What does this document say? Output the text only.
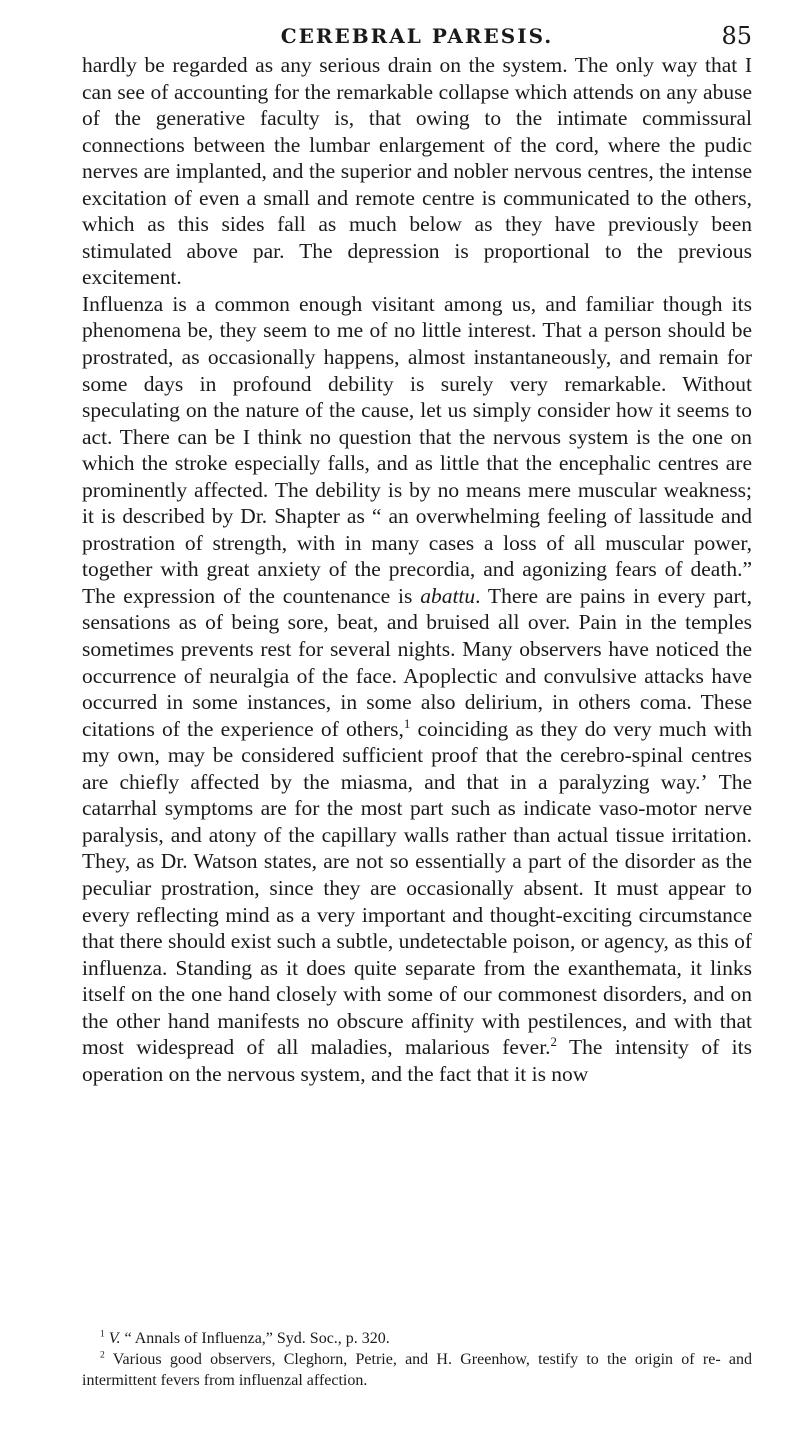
CEREBRAL PARESIS.	85

hardly be regarded as any serious drain on the system. The only way that I can see of accounting for the remarkable collapse which attends on any abuse of the generative faculty is, that owing to the intimate commissural connections between the lumbar enlargement of the cord, where the pudic nerves are implanted, and the superior and nobler nervous centres, the intense excitation of even a small and remote centre is communicated to the others, which as this sides fall as much below as they have previously been stimulated above par. The depression is proportional to the previous excitement.

Influenza is a common enough visitant among us, and familiar though its phenomena be, they seem to me of no little interest. That a person should be prostrated, as occasionally happens, almost instantaneously, and remain for some days in profound debility is surely very remarkable. Without speculating on the nature of the cause, let us simply consider how it seems to act. There can be I think no question that the nervous system is the one on which the stroke especially falls, and as little that the encephalic centres are prominently affected. The debility is by no means mere muscular weakness; it is described by Dr. Shapter as “ an overwhelming feeling of lassitude and prostration of strength, with in many cases a loss of all muscular power, together with great anxiety of the precordia, and agonizing fears of death.” The expression of the countenance is abattu. There are pains in every part, sensations as of being sore, beat, and bruised all over. Pain in the temples sometimes prevents rest for several nights. Many observers have noticed the occurrence of neuralgia of the face. Apoplectic and convulsive attacks have occurred in some instances, in some also delirium, in others coma. These citations of the experience of others,$^1$ coinciding as they do very much with my own, may be considered sufficient proof that the cerebro-spinal centres are chiefly affected by the miasma, and that in a paralyzing way.ʼ The catarrhal symptoms are for the most part such as indicate vaso-motor nerve paralysis, and atony of the capillary walls rather than actual tissue irritation. They, as Dr. Watson states, are not so essentially a part of the disorder as the peculiar prostration, since they are occasionally absent. It must appear to every reflecting mind as a very important and thought-exciting circumstance that there should exist such a subtle, undetectable poison, or agency, as this of influenza. Standing as it does quite separate from the exanthemata, it links itself on the one hand closely with some of our commonest disorders, and on the other hand manifests no obscure affinity with pestilences, and with that most widespread of all maladies, malarious fever.$^2$ The intensity of its operation on the nervous system, and the fact that it is now

$^1$ V. “ Annals of Influenza,” Syd. Soc., p. 320.

$^2$ Various good observers, Cleghorn, Petrie, and H. Greenhow, testify to the origin of re- and intermittent fevers from influenzal affection.
